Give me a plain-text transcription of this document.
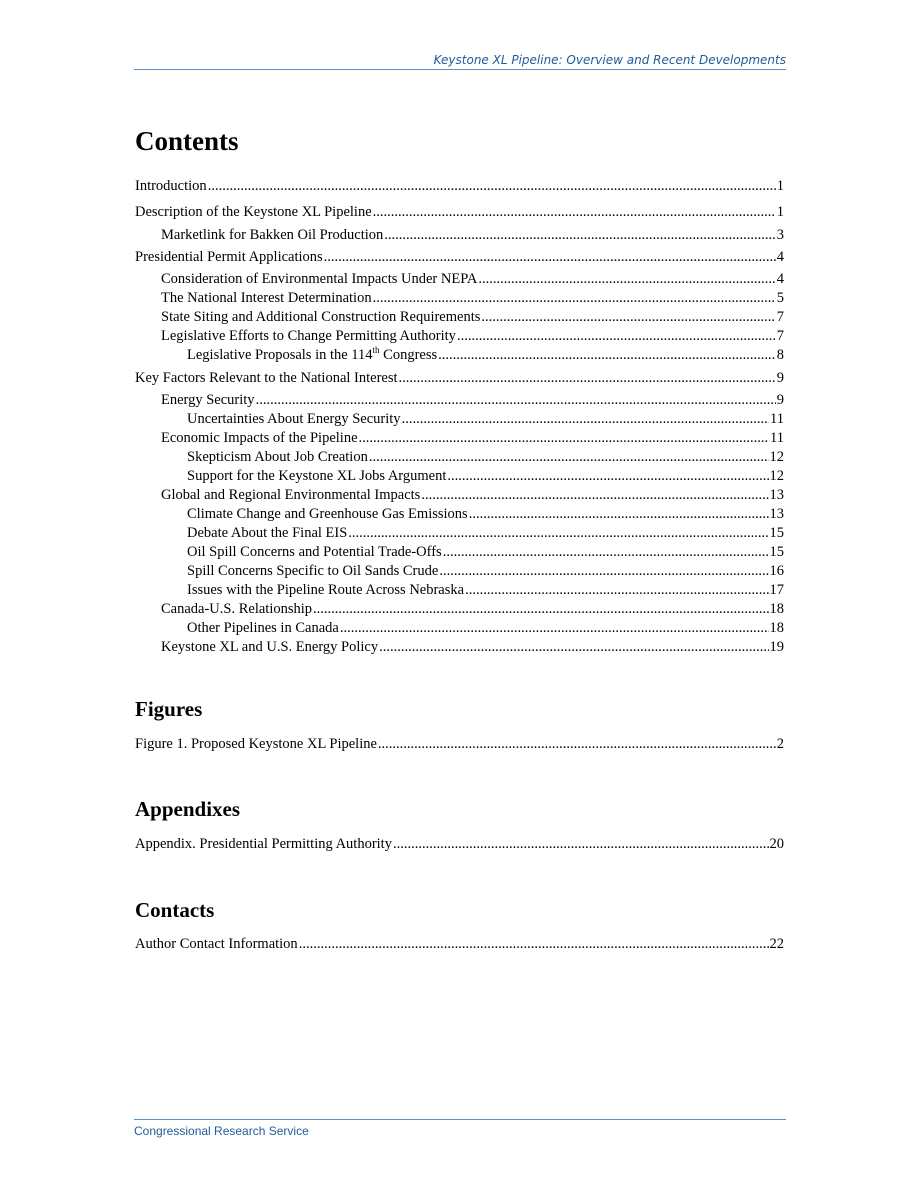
Keystone XL Pipeline: Overview and Recent Developments
Contents
Introduction .....	1
Description of the Keystone XL Pipeline .....	1
Marketlink for Bakken Oil Production .....	3
Presidential Permit Applications .....	4
Consideration of Environmental Impacts Under NEPA .....	4
The National Interest Determination .....	5
State Siting and Additional Construction Requirements .....	7
Legislative Efforts to Change Permitting Authority .....	7
Legislative Proposals in the 114th Congress .....	8
Key Factors Relevant to the National Interest .....	9
Energy Security .....	9
Uncertainties About Energy Security .....	11
Economic Impacts of the Pipeline .....	11
Skepticism About Job Creation .....	12
Support for the Keystone XL Jobs Argument .....	12
Global and Regional Environmental Impacts .....	13
Climate Change and Greenhouse Gas Emissions .....	13
Debate About the Final EIS .....	15
Oil Spill Concerns and Potential Trade-Offs .....	15
Spill Concerns Specific to Oil Sands Crude .....	16
Issues with the Pipeline Route Across Nebraska .....	17
Canada-U.S. Relationship .....	18
Other Pipelines in Canada .....	18
Keystone XL and U.S. Energy Policy .....	19
Figures
Figure 1. Proposed Keystone XL Pipeline .....	2
Appendixes
Appendix. Presidential Permitting Authority .....	20
Contacts
Author Contact Information .....	22
Congressional Research Service
